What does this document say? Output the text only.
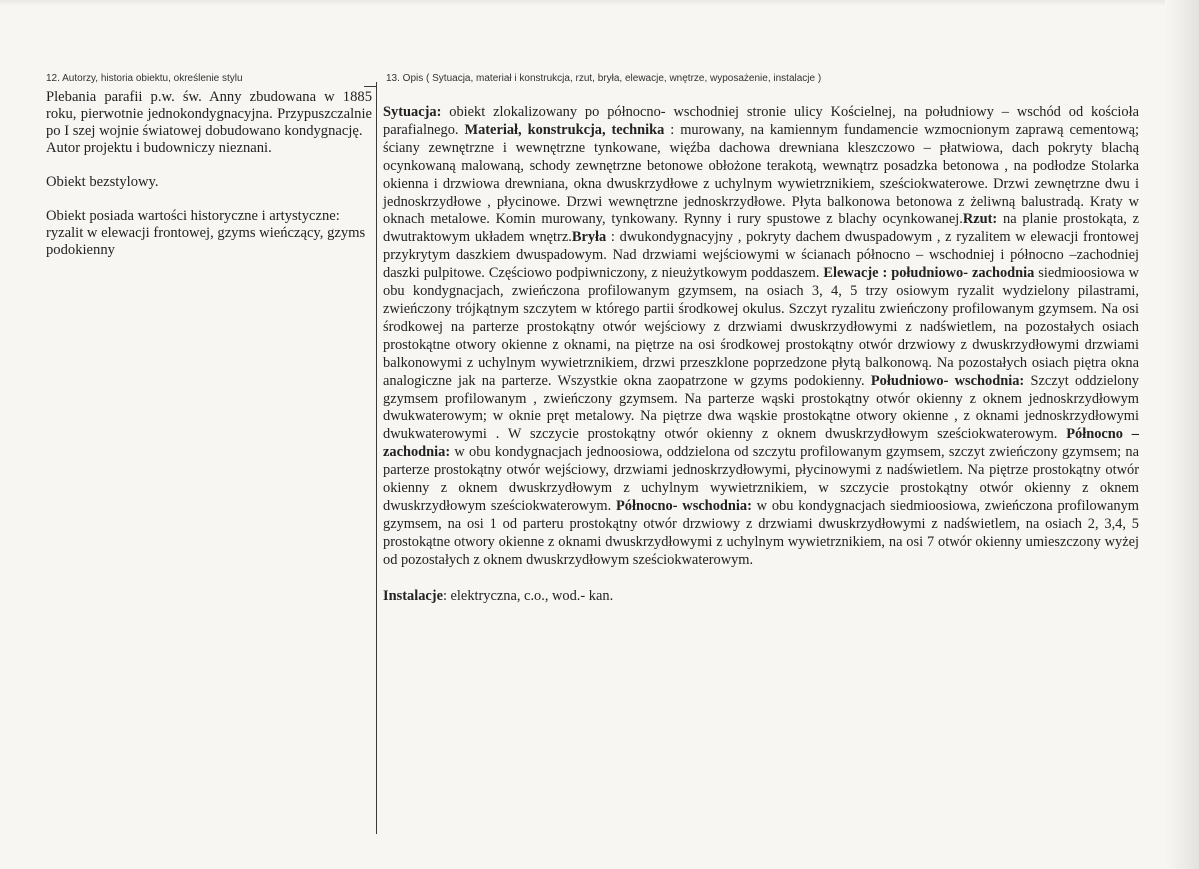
12. Autorzy, historia obiektu, określenie stylu	13. Opis ( Sytuacja, materiał i konstrukcja, rzut, bryła, elewacje, wnętrze, wyposażenie, instalacje )

Plebania parafii p.w. św. Anny zbudowana w 1885 roku, pierwotnie jednokondygnacyjna. Przypuszczalnie po I szej wojnie światowej dobudowano kondygnację.

Autor projektu i budowniczy nieznani.

Obiekt bezstylowy.

Obiekt posiada wartości historyczne i artystyczne: ryzalit w elewacji frontowej, gzyms wieńczący, gzyms podokienny

Sytuacja: obiekt zlokalizowany po północno- wschodniej stronie ulicy Kościelnej, na południowy – wschód od kościoła parafialnego. Materiał, konstrukcja, technika : murowany, na kamiennym fundamencie wzmocnionym zaprawą cementową; ściany zewnętrzne i wewnętrzne tynkowane, więźba dachowa drewniana kleszczowo – płatwiowa, dach pokryty blachą ocynkowaną malowaną, schody zewnętrzne betonowe obłożone terakotą, wewnątrz posadzka betonowa , na podłodze Stolarka okienna i drzwiowa drewniana, okna dwuskrzydłowe z uchylnym wywietrznikiem, sześciokwaterowe. Drzwi zewnętrzne dwu i jednoskrzydłowe , płycinowe. Drzwi wewnętrzne jednoskrzydłowe. Płyta balkonowa betonowa z żeliwną balustradą. Kraty w oknach metalowe. Komin murowany, tynkowany. Rynny i rury spustowe z blachy ocynkowanej.Rzut: na planie prostokąta, z dwutraktowym układem wnętrz.Bryła : dwukondygnacyjny , pokryty dachem dwuspadowym , z ryzalitem w elewacji frontowej przykrytym daszkiem dwuspadowym. Nad drzwiami wejściowymi w ścianach północno – wschodniej i północno –zachodniej daszki pulpitowe. Częściowo podpiwniczony, z nieużytkowym poddaszem. Elewacje : południowo- zachodnia siedmioosiowa w obu kondygnacjach, zwieńczona profilowanym gzymsem, na osiach 3, 4, 5 trzy osiowym ryzalit wydzielony pilastrami, zwieńczony trójkątnym szczytem w którego partii środkowej okulus. Szczyt ryzalitu zwieńczony profilowanym gzymsem. Na osi środkowej na parterze prostokątny otwór wejściowy z drzwiami dwuskrzydłowymi z nadświetlem, na pozostałych osiach prostokątne otwory okienne z oknami, na piętrze na osi środkowej prostokątny otwór drzwiowy z dwuskrzydłowymi drzwiami balkonowymi z uchylnym wywietrznikiem, drzwi przeszklone poprzedzone płytą balkonową. Na pozostałych osiach piętra okna analogiczne jak na parterze. Wszystkie okna zaopatrzone w gzyms podokienny. Południowo- wschodnia: Szczyt oddzielony gzymsem profilowanym , zwieńczony gzymsem. Na parterze wąski prostokątny otwór okienny z oknem jednoskrzydłowym dwukwaterowym; w oknie pręt metalowy. Na piętrze dwa wąskie prostokątne otwory okienne , z oknami jednoskrzydłowymi dwukwaterowymi . W szczycie prostokątny otwór okienny z oknem dwuskrzydłowym sześciokwaterowym. Północno – zachodnia: w obu kondygnacjach jednoosiowa, oddzielona od szczytu profilowanym gzymsem, szczyt zwieńczony gzymsem; na parterze prostokątny otwór wejściowy, drzwiami jednoskrzydłowymi, płycinowymi z nadświetlem. Na piętrze prostokątny otwór okienny z oknem dwuskrzydłowym z uchylnym wywietrznikiem, w szczycie prostokątny otwór okienny z oknem dwuskrzydłowym sześciokwaterowym. Północno- wschodnia: w obu kondygnacjach siedmioosiowa, zwieńczona profilowanym gzymsem, na osi 1 od parteru prostokątny otwór drzwiowy z drzwiami dwuskrzydłowymi z nadświetlem, na osiach 2, 3,4, 5 prostokątne otwory okienne z oknami dwuskrzydłowymi z uchylnym wywietrznikiem, na osi 7 otwór okienny umieszczony wyżej od pozostałych z oknem dwuskrzydłowym sześciokwaterowym.

Instalacje: elektryczna, c.o., wod.- kan.
